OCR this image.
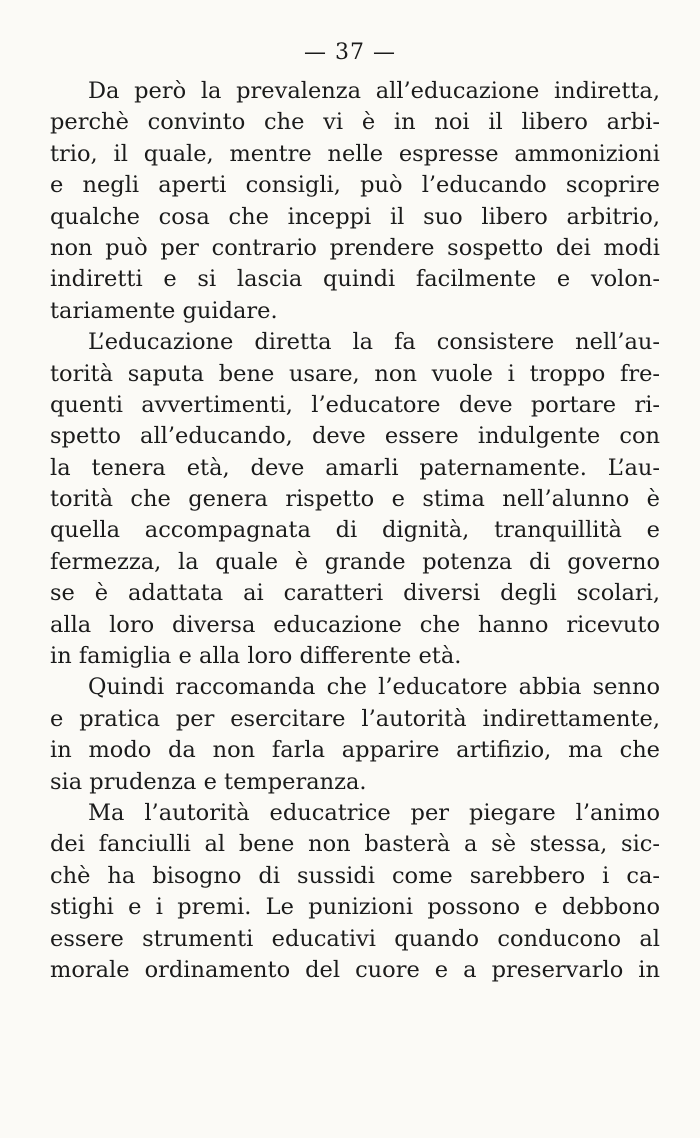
— 37 —
Da però la prevalenza all’educazione indiretta,
perchè convinto che vi è in noi il libero arbi-
trio, il quale, mentre nelle espresse ammonizioni
e negli aperti consigli, può l’educando scoprire
qualche cosa che inceppi il suo libero arbitrio,
non può per contrario prendere sospetto dei modi
indiretti e si lascia quindi facilmente e volon-
tariamente guidare.
L’educazione diretta la fa consistere nell’au-
torità saputa bene usare, non vuole i troppo fre-
quenti avvertimenti, l’educatore deve portare ri-
spetto all’educando, deve essere indulgente con
la tenera età, deve amarli paternamente. L’au-
torità che genera rispetto e stima nell’alunno è
quella accompagnata di dignità, tranquillità e
fermezza, la quale è grande potenza di governo
se è adattata ai caratteri diversi degli scolari,
alla loro diversa educazione che hanno ricevuto
in famiglia e alla loro differente età.
Quindi raccomanda che l’educatore abbia senno
e pratica per esercitare l’autorità indirettamente,
in modo da non farla apparire artifizio, ma che
sia prudenza e temperanza.
Ma l’autorità educatrice per piegare l’animo
dei fanciulli al bene non basterà a sè stessa, sic-
chè ha bisogno di sussidi come sarebbero i ca-
stighi e i premi. Le punizioni possono e debbono
essere strumenti educativi quando conducono al
morale ordinamento del cuore e a preservarlo in
